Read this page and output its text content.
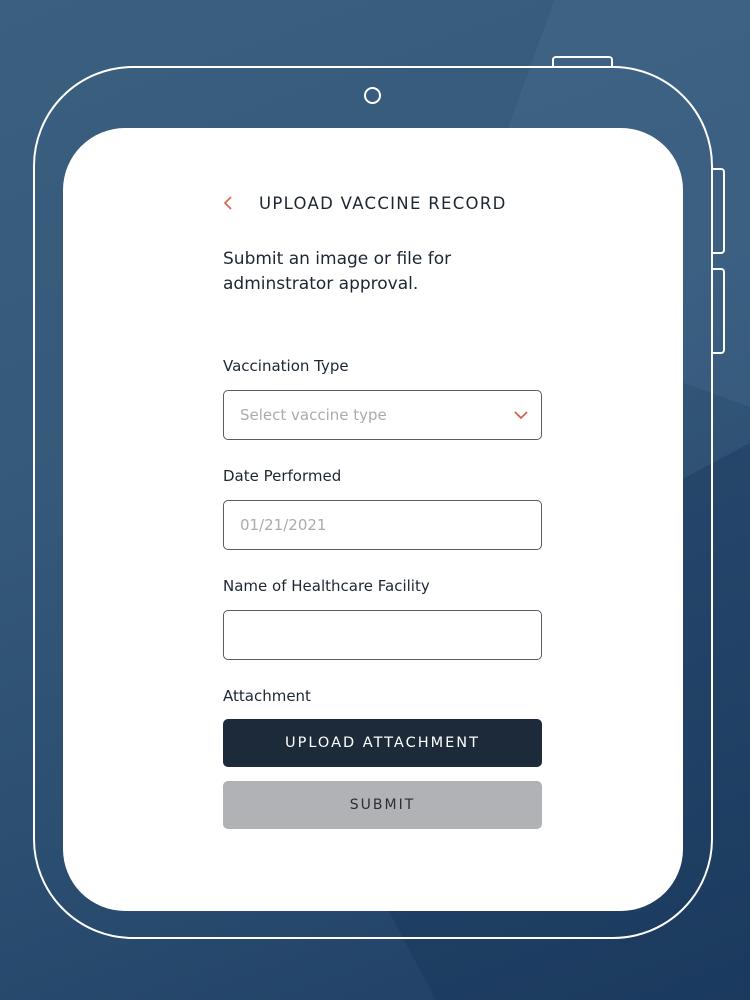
UPLOAD VACCINE RECORD

Submit an image or file for adminstrator approval.

Vaccination Type
Select vaccine type
Date Performed
01/21/2021
Name of Healthcare Facility
Attachment
UPLOAD ATTACHMENT
SUBMIT
